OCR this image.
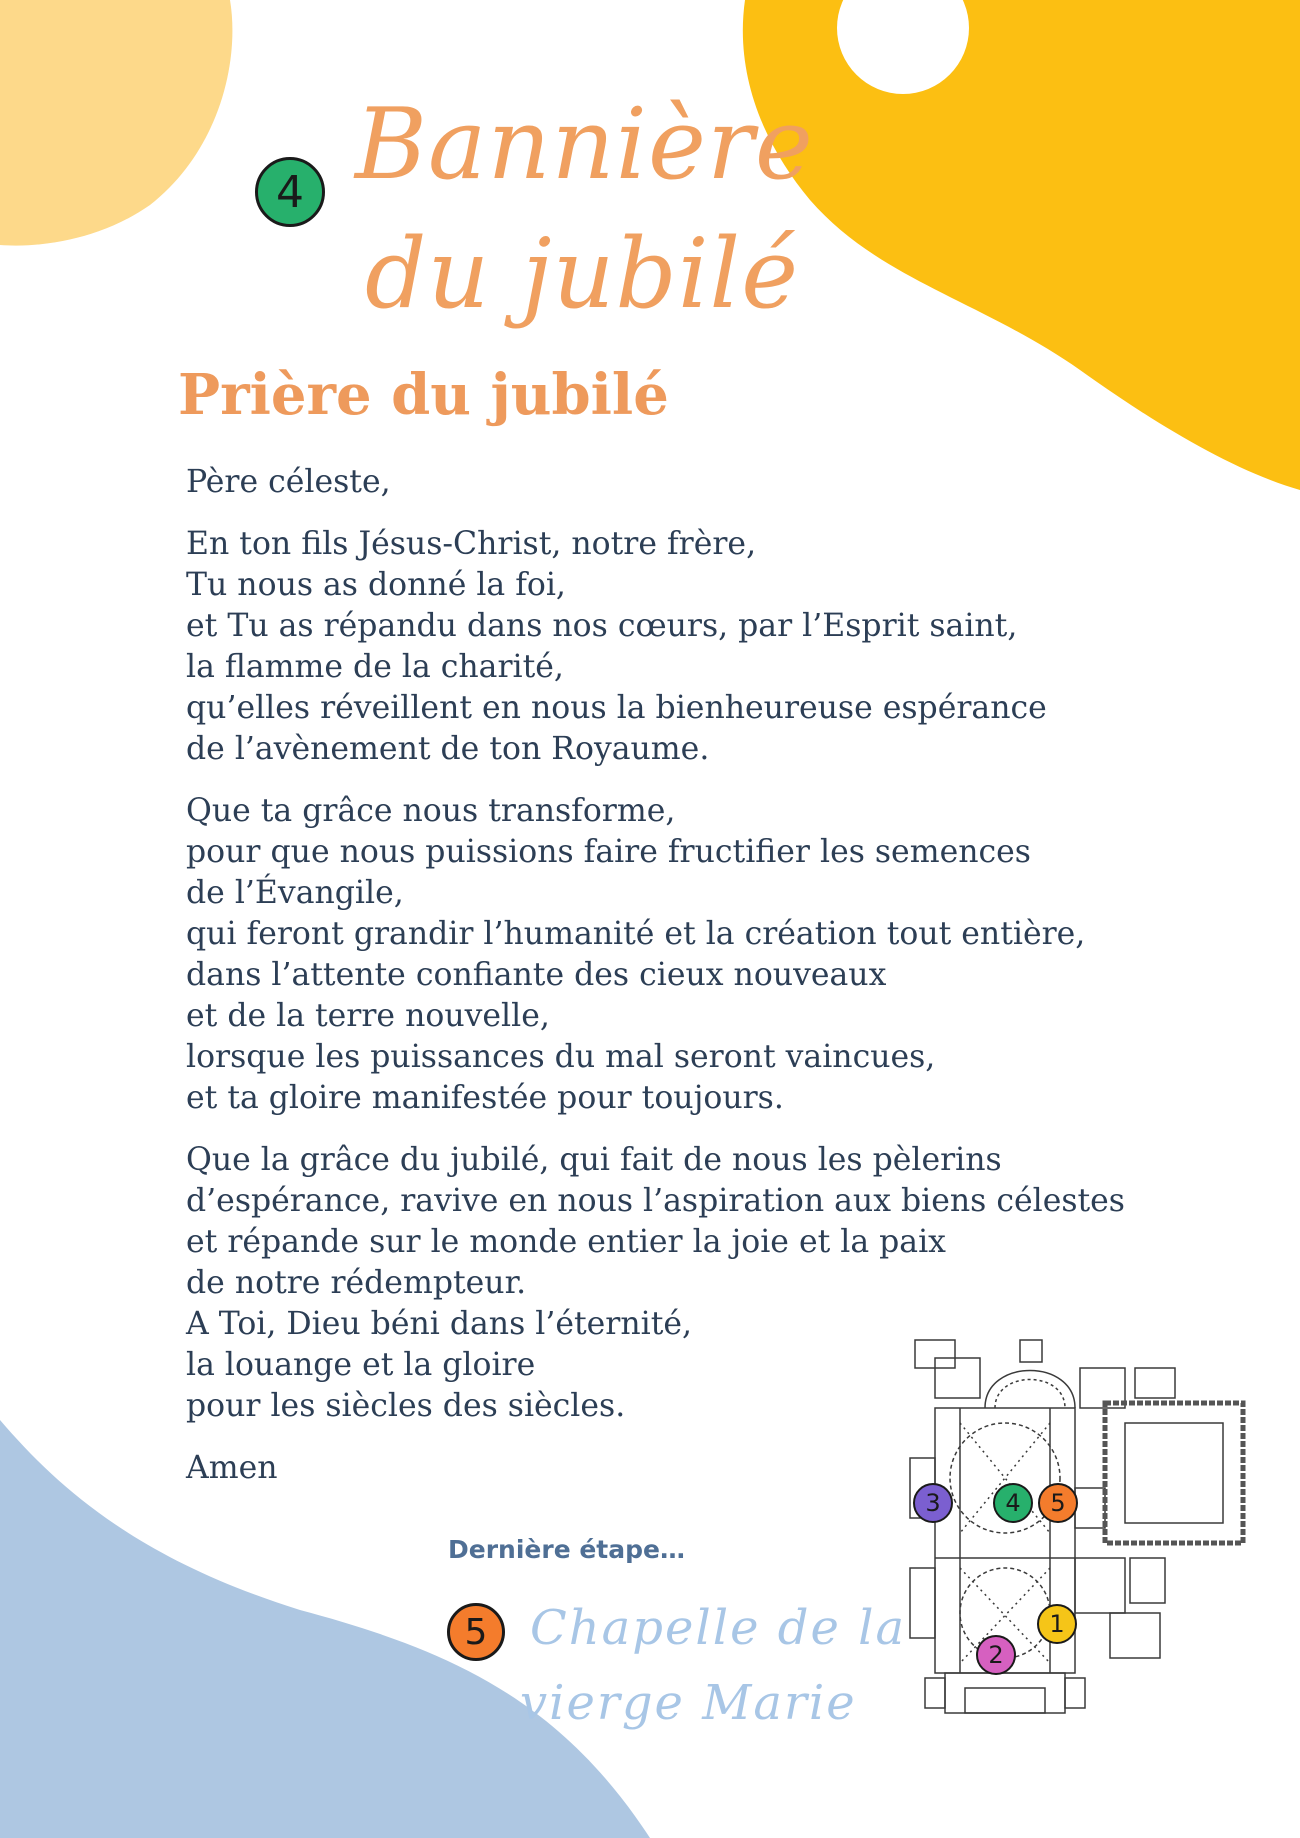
4 Bannière
du jubilé
Prière du jubilé

Père céleste,

En ton fils Jésus-Christ, notre frère,
Tu nous as donné la foi,
et Tu as répandu dans nos cœurs, par l’Esprit saint,
la flamme de la charité,
qu’elles réveillent en nous la bienheureuse espérance
de l’avènement de ton Royaume.

Que ta grâce nous transforme,
pour que nous puissions faire fructifier les semences
de l’Évangile,
qui feront grandir l’humanité et la création tout entière,
dans l’attente confiante des cieux nouveaux
et de la terre nouvelle,
lorsque les puissances du mal seront vaincues,
et ta gloire manifestée pour toujours.

Que la grâce du jubilé, qui fait de nous les pèlerins
d’espérance, ravive en nous l’aspiration aux biens célestes
et répande sur le monde entier la joie et la paix
de notre rédempteur.
A Toi, Dieu béni dans l’éternité,
la louange et la gloire
pour les siècles des siècles.

Amen

Dernière étape…
5 Chapelle de la
vierge Marie
1
2
3	4 5
